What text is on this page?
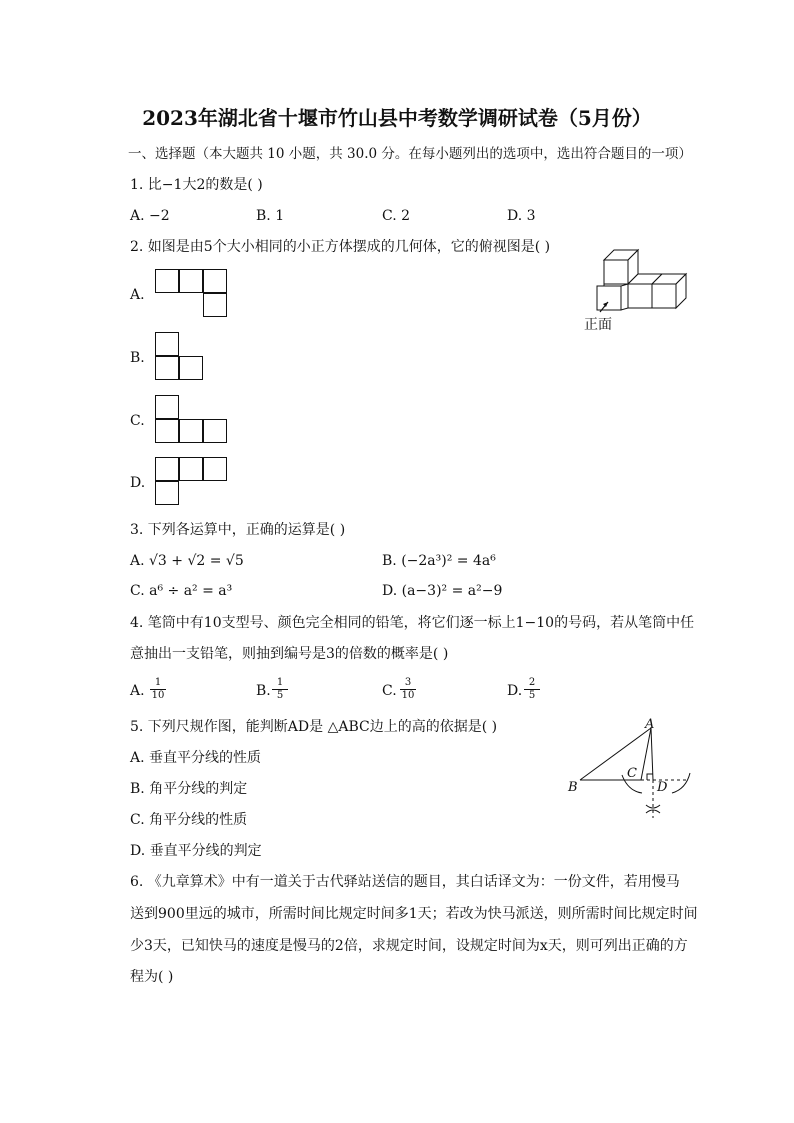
2023年湖北省十堰市竹山县中考数学调研试卷（5月份）
一、选择题（本大题共 10 小题，共 30.0 分。在每小题列出的选项中，选出符合题目的一项）
1. 比−1大2的数是( )
A. −2	B. 1	C. 2	D. 3
2. 如图是由5个大小相同的小正方体摆成的几何体，它的俯视图是( )
正面
A.
B.
C.
D.
3. 下列各运算中，正确的运算是( )
A. √3 + √2 = √5	B. (−2a³)² = 4a⁶
C. a⁶ ÷ a² = a³	D. (a−3)² = a²−9
4. 笔筒中有10支型号、颜色完全相同的铅笔，将它们逐一标上1−10的号码，若从笔筒中任
意抽出一支铅笔，则抽到编号是3的倍数的概率是( )
A. $\frac{1}{10}$	B. $\frac{1}{5}$	C. $\frac{3}{10}$	D. $\frac{2}{5}$
5. 下列尺规作图，能判断AD是 △ABC边上的高的依据是( )
A. 垂直平分线的性质
B. 角平分线的判定
C. 角平分线的性质
D. 垂直平分线的判定
A
B
C
D
6. 《九章算术》中有一道关于古代驿站送信的题目，其白话译文为：一份文件，若用慢马
送到900里远的城市，所需时间比规定时间多1天；若改为快马派送，则所需时间比规定时间
少3天，已知快马的速度是慢马的2倍，求规定时间，设规定时间为x天，则可列出正确的方
程为( )
